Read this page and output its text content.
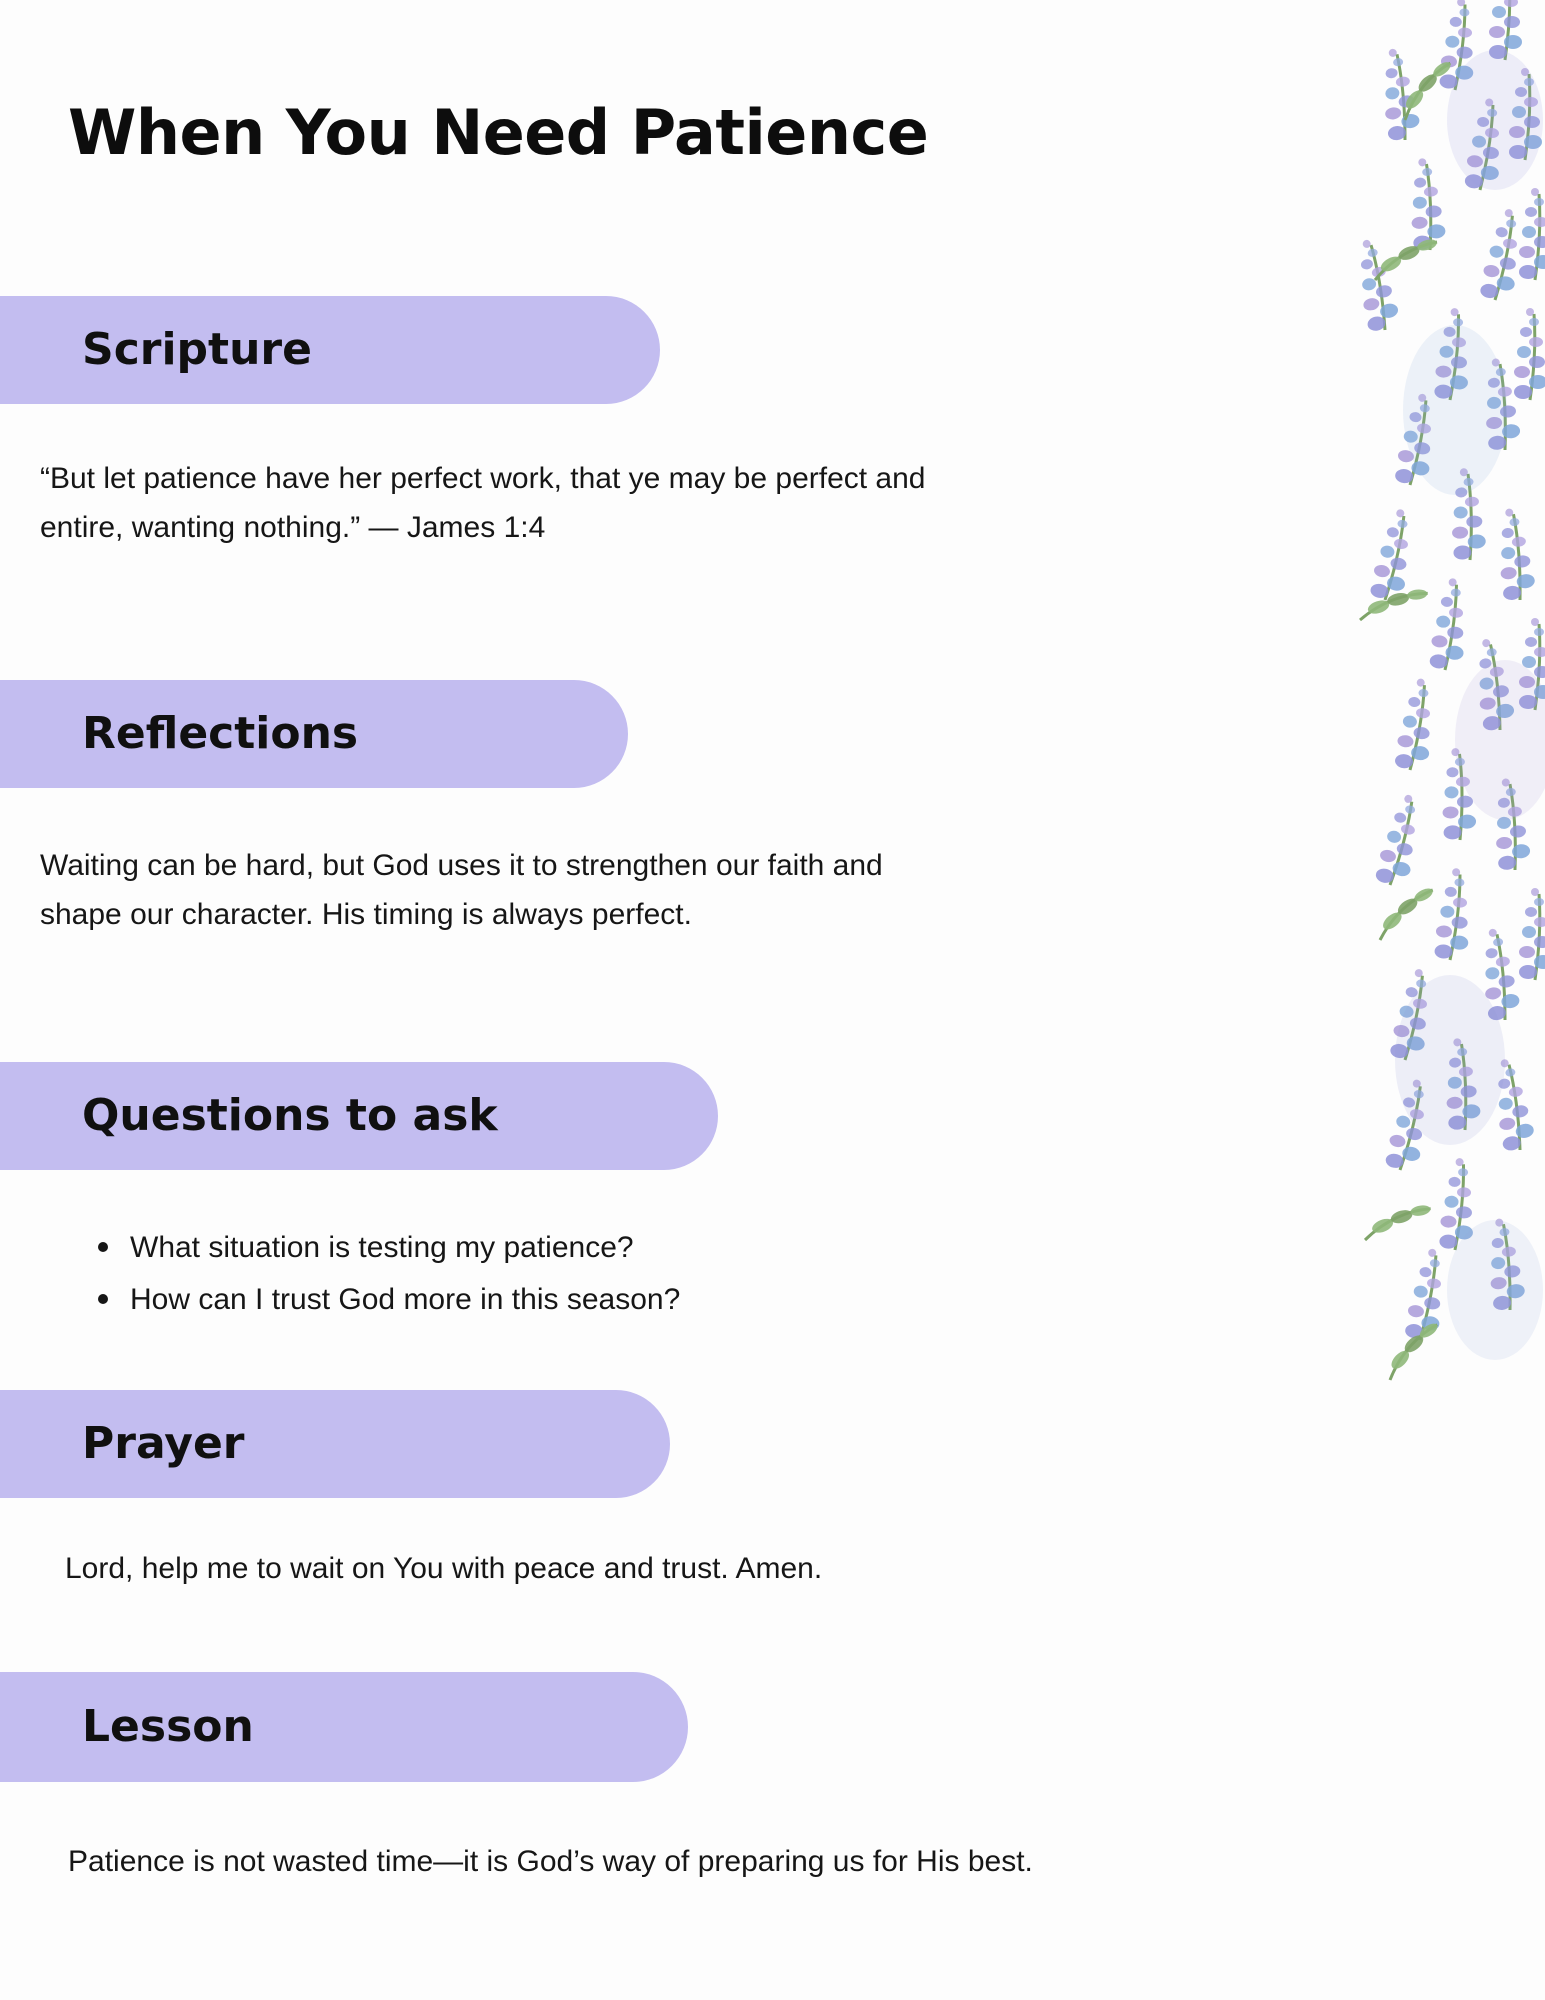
When You Need Patience
Scripture
“But let patience have her perfect work, that ye may be perfect and entire, wanting nothing.” — James 1:4
Reflections
Waiting can be hard, but God uses it to strengthen our faith and shape our character. His timing is always perfect.
Questions to ask
What situation is testing my patience?
How can I trust God more in this season?
Prayer
Lord, help me to wait on You with peace and trust. Amen.
Lesson
Patience is not wasted time—it is God’s way of preparing us for His best.
